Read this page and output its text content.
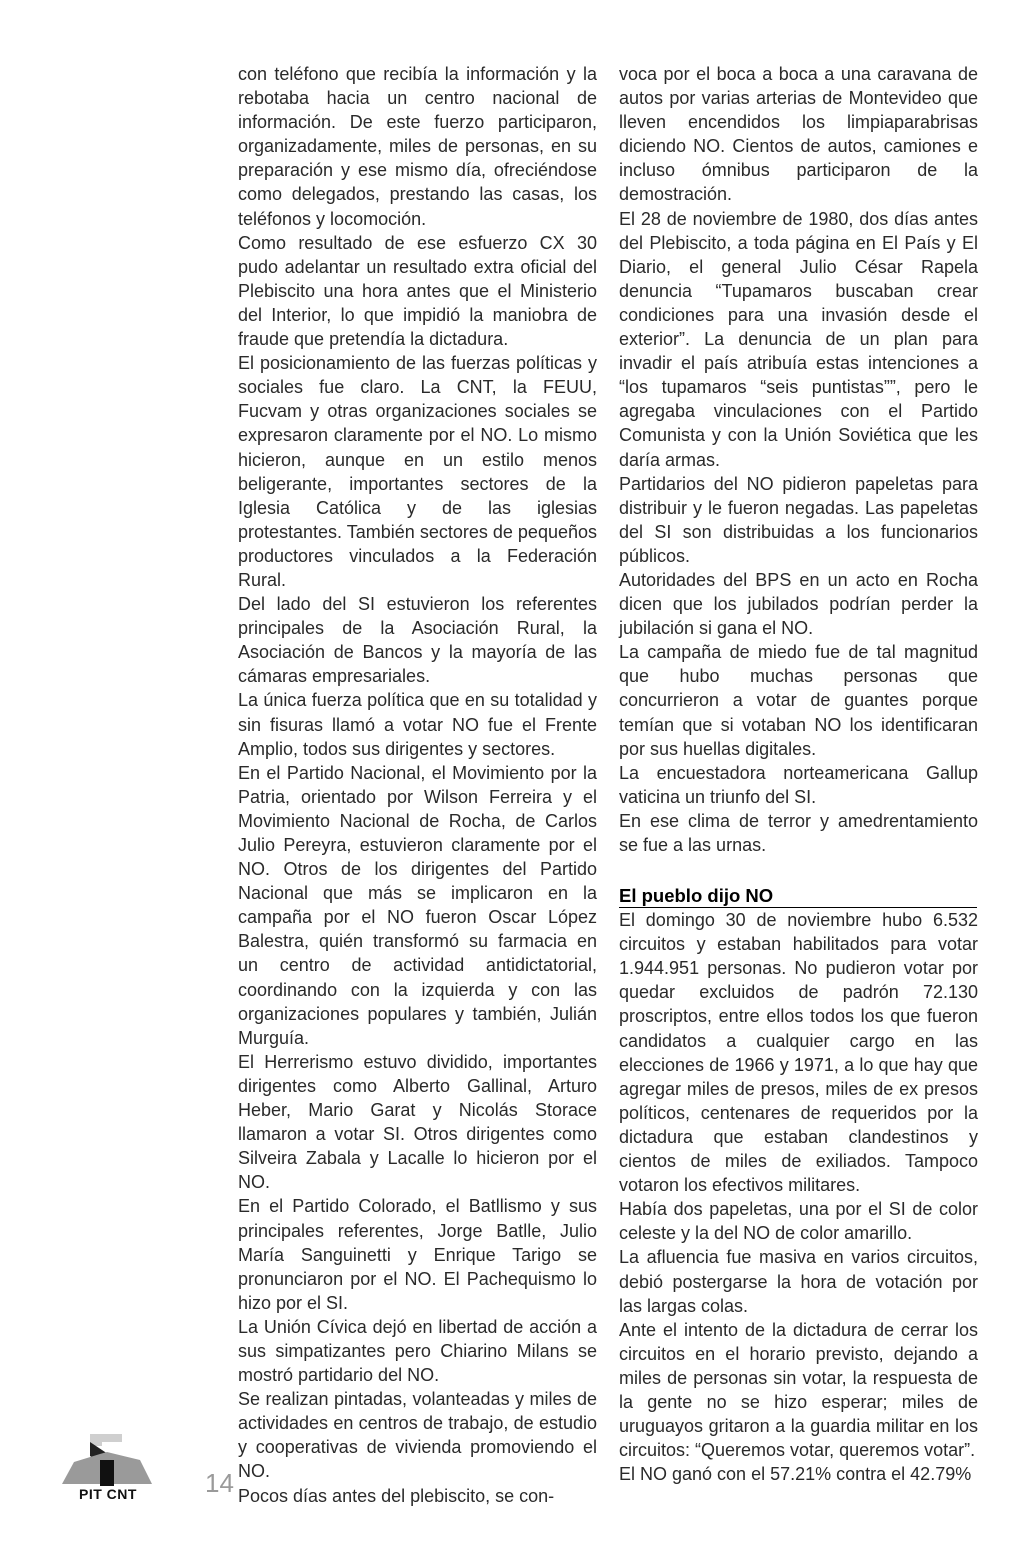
con teléfono que recibía la información y la rebotaba hacia un centro nacional de información. De este fuerzo participaron, organizadamente, miles de personas, en su preparación y ese mismo día, ofreciéndose como delegados, prestando las casas, los teléfonos y locomoción.

Como resultado de ese esfuerzo CX 30 pudo adelantar un resultado extra oficial del Plebiscito una hora antes que el Ministerio del Interior, lo que impidió la maniobra de fraude que pretendía la dictadura.

El posicionamiento de las fuerzas políticas y sociales fue claro. La CNT, la FEUU, Fucvam y otras organizaciones sociales se expresaron claramente por el NO. Lo mismo hicieron, aunque en un estilo menos beligerante, importantes sectores de la Iglesia Católica y de las iglesias protestantes. También sectores de pequeños productores vinculados a la Federación Rural.

Del lado del SI estuvieron los referentes principales de la Asociación Rural, la Asociación de Bancos y la mayoría de las cámaras empresariales.

La única fuerza política que en su totalidad y sin fisuras llamó a votar NO fue el Frente Amplio, todos sus dirigentes y sectores.

En el Partido Nacional, el Movimiento por la Patria, orientado por Wilson Ferreira y el Movimiento Nacional de Rocha, de Carlos Julio Pereyra, estuvieron claramente por el NO. Otros de los dirigentes del Partido Nacional que más se implicaron en la campaña por el NO fueron Oscar López Balestra, quién transformó su farmacia en un centro de actividad antidictatorial, coordinando con la izquierda y con las organizaciones populares y también, Julián Murguía.

El Herrerismo estuvo dividido, importantes dirigentes como Alberto Gallinal, Arturo Heber, Mario Garat y Nicolás Storace llamaron a votar SI. Otros dirigentes como Silveira Zabala y Lacalle lo hicieron por el NO.

En el Partido Colorado, el Batllismo y sus principales referentes, Jorge Batlle, Julio María Sanguinetti y Enrique Tarigo se pronunciaron por el NO. El Pachequismo lo hizo por el SI.

La Unión Cívica dejó en libertad de acción a sus simpatizantes pero Chiarino Milans se mostró partidario del NO.

Se realizan pintadas, volanteadas y miles de actividades en centros de trabajo, de estudio y cooperativas de vivienda promoviendo el NO.

Pocos días antes del plebiscito, se con-

voca por el boca a boca a una caravana de autos por varias arterias de Montevideo que lleven encendidos los limpiaparabrisas diciendo NO. Cientos de autos, camiones e incluso ómnibus participaron de la demostración.

El 28 de noviembre de 1980, dos días antes del Plebiscito, a toda página en El País y El Diario, el general Julio César Rapela denuncia “Tupamaros buscaban crear condiciones para una invasión desde el exterior”. La denuncia de un plan para invadir el país atribuía estas intenciones a “los tupamaros “seis puntistas””, pero le agregaba vinculaciones con el Partido Comunista y con la Unión Soviética que les daría armas.

Partidarios del NO pidieron papeletas para distribuir y le fueron negadas. Las papeletas del SI son distribuidas a los funcionarios públicos.

Autoridades del BPS en un acto en Rocha dicen que los jubilados podrían perder la jubilación si gana el NO.

La campaña de miedo fue de tal magnitud que hubo muchas personas que concurrieron a votar de guantes porque temían que si votaban NO los identificaran por sus huellas digitales.

La encuestadora norteamericana Gallup vaticina un triunfo del SI.

En ese clima de terror y amedrentamiento se fue a las urnas.

El pueblo dijo NO

El domingo 30 de noviembre hubo 6.532 circuitos y estaban habilitados para votar 1.944.951 personas. No pudieron votar por quedar excluidos de padrón 72.130 proscriptos, entre ellos todos los que fueron candidatos a cualquier cargo en las elecciones de 1966 y 1971, a lo que hay que agregar miles de presos, miles de ex presos políticos, centenares de requeridos por la dictadura que estaban clandestinos y cientos de miles de exiliados. Tampoco votaron los efectivos militares.

Había dos papeletas, una por el SI de color celeste y la del NO de color amarillo.

La afluencia fue masiva en varios circuitos, debió postergarse la hora de votación por las largas colas.

Ante el intento de la dictadura de cerrar los circuitos en el horario previsto, dejando a miles de personas sin votar, la respuesta de la gente no se hizo esperar; miles de uruguayos gritaron a la guardia militar en los circuitos: “Queremos votar, queremos votar”.

El NO ganó con el 57.21% contra el 42.79%

PIT CNT	14
